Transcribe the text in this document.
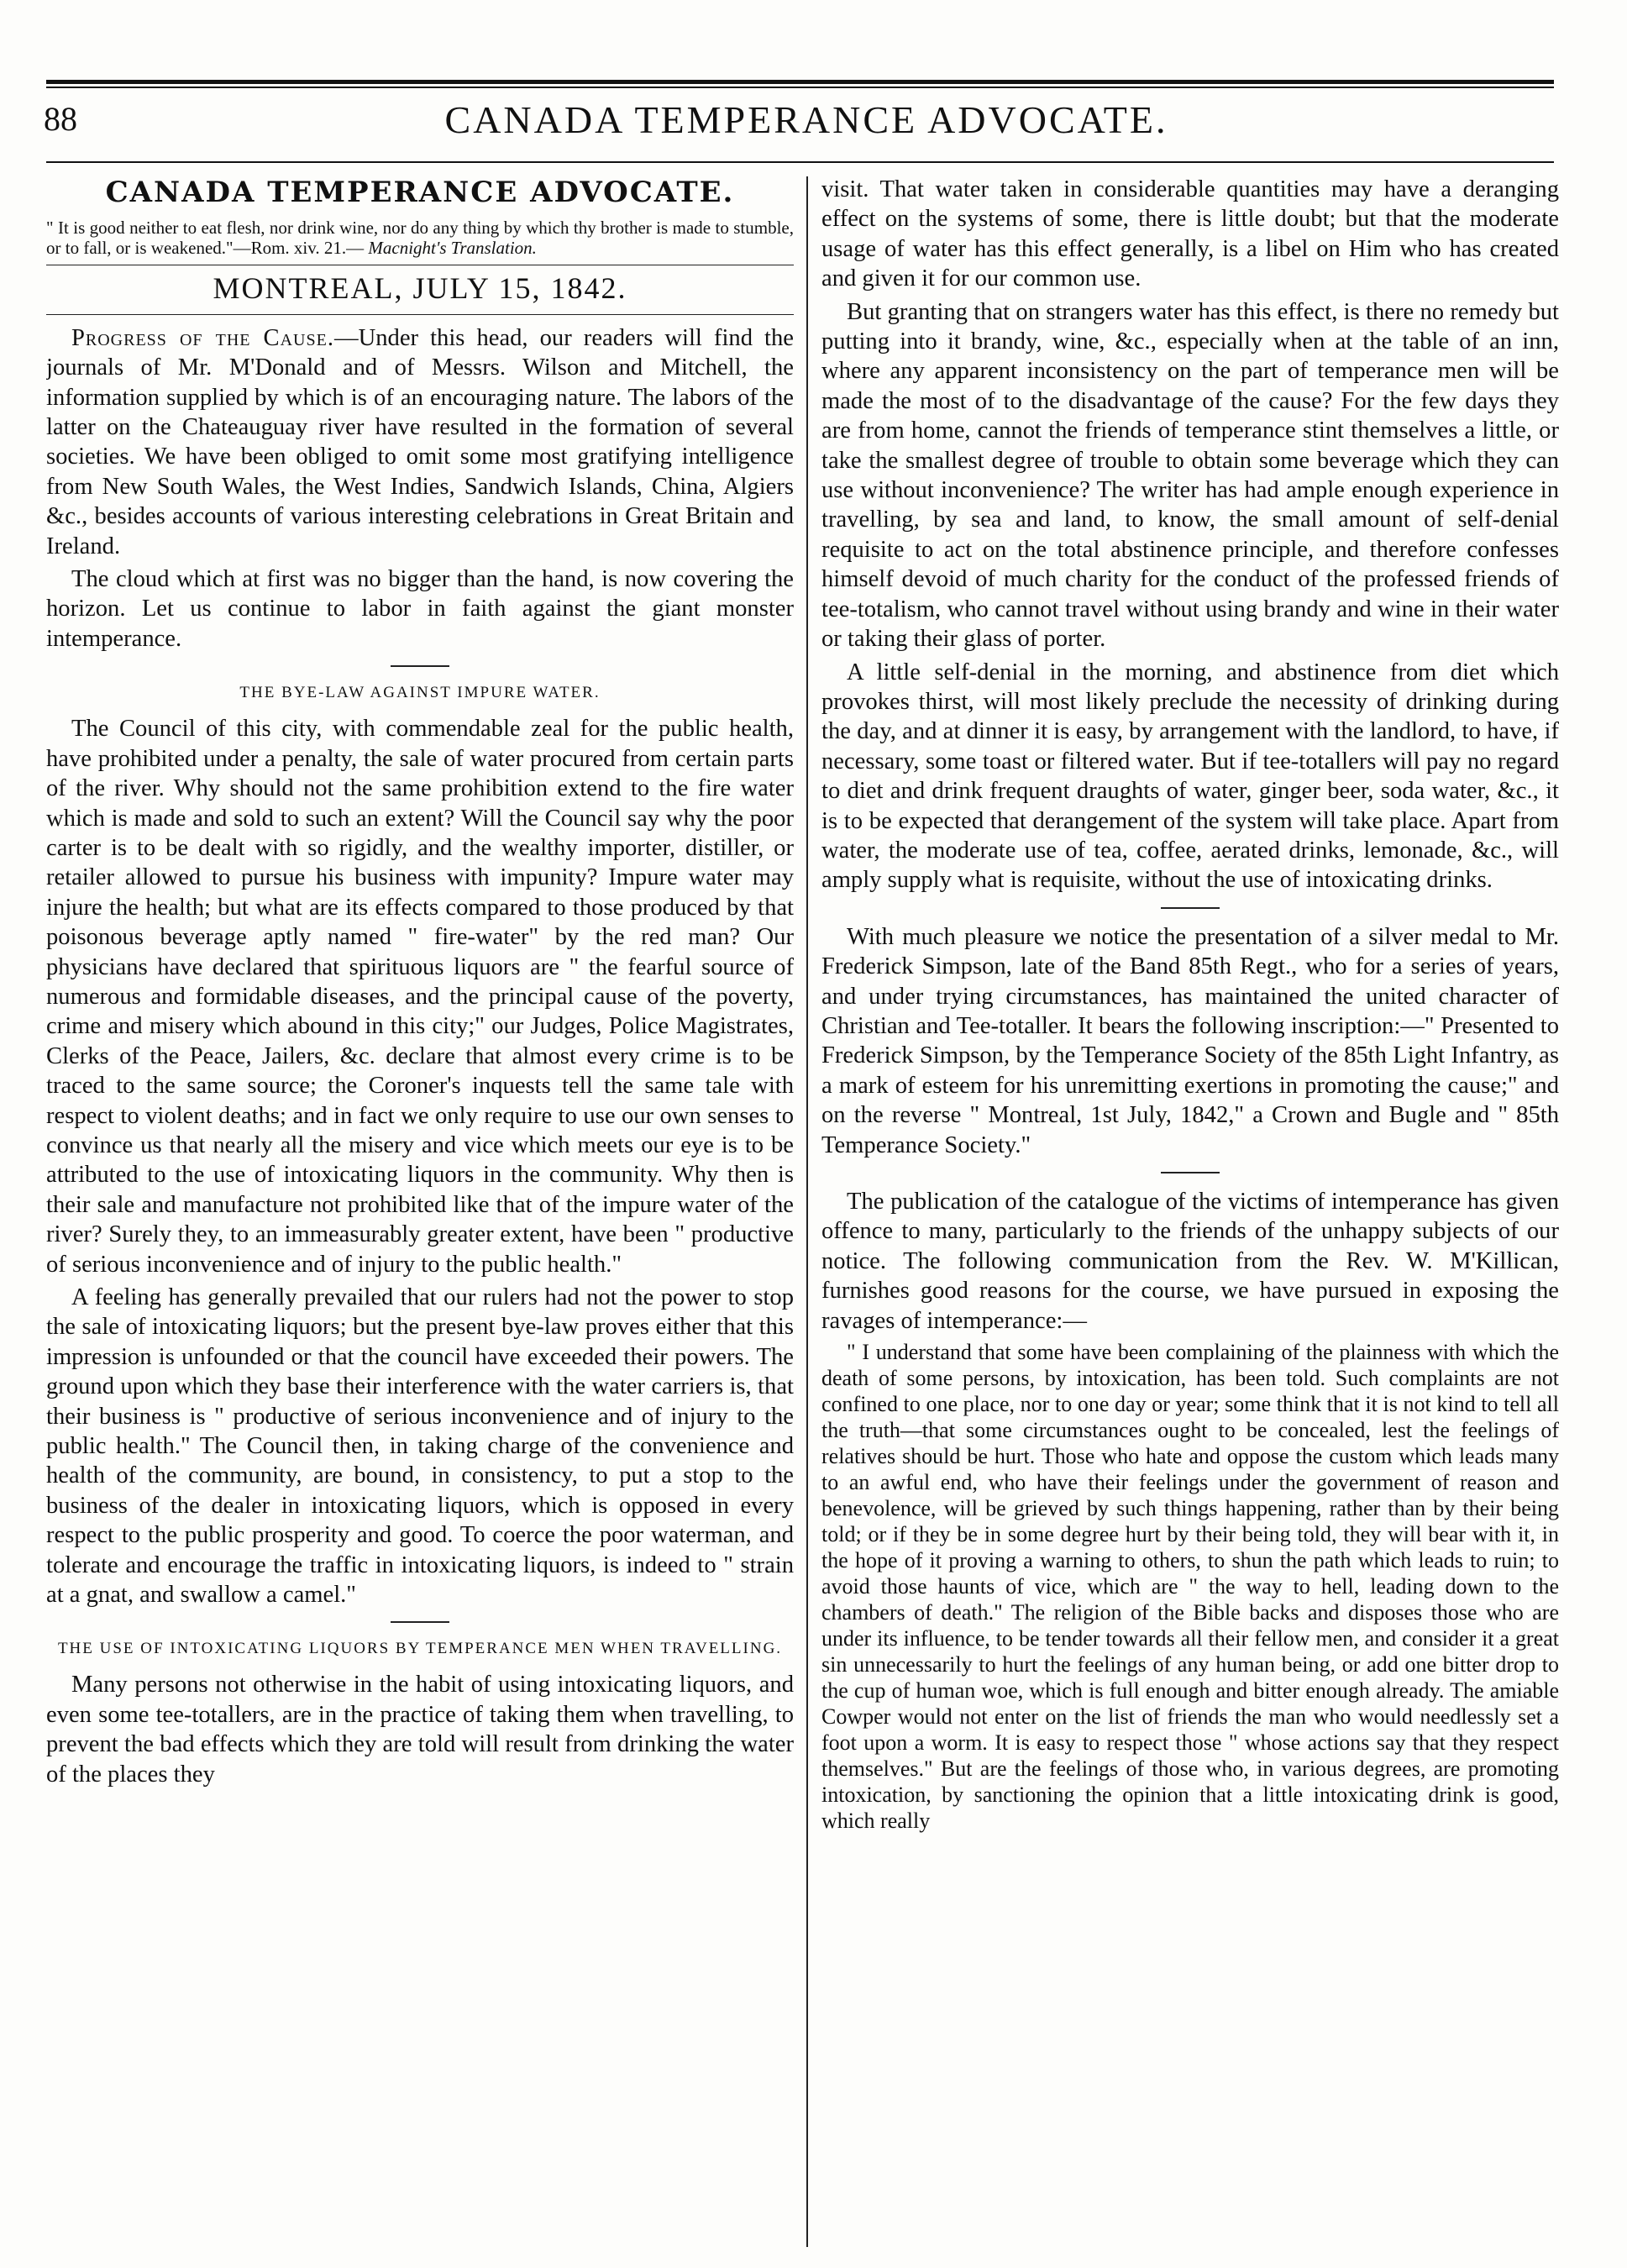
88	CANADA TEMPERANCE ADVOCATE.
CANADA TEMPERANCE ADVOCATE.
" It is good neither to eat flesh, nor drink wine, nor do any thing by which thy brother is made to stumble, or to fall, or is weakened."—Rom. xiv. 21.— Macnight's Translation.
MONTREAL, JULY 15, 1842.

Progress of the Cause.—Under this head, our readers will find the journals of Mr. M'Donald and of Messrs. Wilson and Mitchell, the information supplied by which is of an encouraging nature. The labors of the latter on the Chateauguay river have resulted in the formation of several societies. We have been obliged to omit some most gratifying intelligence from New South Wales, the West Indies, Sandwich Islands, China, Algiers &c., besides accounts of various interesting celebrations in Great Britain and Ireland.

The cloud which at first was no bigger than the hand, is now covering the horizon. Let us continue to labor in faith against the giant monster intemperance.

THE BYE-LAW AGAINST IMPURE WATER.

The Council of this city, with commendable zeal for the public health, have prohibited under a penalty, the sale of water procured from certain parts of the river. Why should not the same prohibition extend to the fire water which is made and sold to such an extent? Will the Council say why the poor carter is to be dealt with so rigidly, and the wealthy importer, distiller, or retailer allowed to pursue his business with impunity? Impure water may injure the health; but what are its effects compared to those produced by that poisonous beverage aptly named " fire-water" by the red man? Our physicians have declared that spirituous liquors are " the fearful source of numerous and formidable diseases, and the principal cause of the poverty, crime and misery which abound in this city;" our Judges, Police Magistrates, Clerks of the Peace, Jailers, &c. declare that almost every crime is to be traced to the same source; the Coroner's inquests tell the same tale with respect to violent deaths; and in fact we only require to use our own senses to convince us that nearly all the misery and vice which meets our eye is to be attributed to the use of intoxicating liquors in the community. Why then is their sale and manufacture not prohibited like that of the impure water of the river? Surely they, to an immeasurably greater extent, have been " productive of serious inconvenience and of injury to the public health."

A feeling has generally prevailed that our rulers had not the power to stop the sale of intoxicating liquors; but the present bye-law proves either that this impression is unfounded or that the council have exceeded their powers. The ground upon which they base their interference with the water carriers is, that their business is " productive of serious inconvenience and of injury to the public health." The Council then, in taking charge of the convenience and health of the community, are bound, in consistency, to put a stop to the business of the dealer in intoxicating liquors, which is opposed in every respect to the public prosperity and good. To coerce the poor waterman, and tolerate and encourage the traffic in intoxicating liquors, is indeed to " strain at a gnat, and swallow a camel."

THE USE OF INTOXICATING LIQUORS BY TEMPERANCE MEN WHEN TRAVELLING.

Many persons not otherwise in the habit of using intoxicating liquors, and even some tee-totallers, are in the practice of taking them when travelling, to prevent the bad effects which they are told will result from drinking the water of the places they

visit. That water taken in considerable quantities may have a deranging effect on the systems of some, there is little doubt; but that the moderate usage of water has this effect generally, is a libel on Him who has created and given it for our common use.

But granting that on strangers water has this effect, is there no remedy but putting into it brandy, wine, &c., especially when at the table of an inn, where any apparent inconsistency on the part of temperance men will be made the most of to the disadvantage of the cause? For the few days they are from home, cannot the friends of temperance stint themselves a little, or take the smallest degree of trouble to obtain some beverage which they can use without inconvenience? The writer has had ample enough experience in travelling, by sea and land, to know, the small amount of self-denial requisite to act on the total abstinence principle, and therefore confesses himself devoid of much charity for the conduct of the professed friends of tee-totalism, who cannot travel without using brandy and wine in their water or taking their glass of porter.

A little self-denial in the morning, and abstinence from diet which provokes thirst, will most likely preclude the necessity of drinking during the day, and at dinner it is easy, by arrangement with the landlord, to have, if necessary, some toast or filtered water. But if tee-totallers will pay no regard to diet and drink frequent draughts of water, ginger beer, soda water, &c., it is to be expected that derangement of the system will take place. Apart from water, the moderate use of tea, coffee, aerated drinks, lemonade, &c., will amply supply what is requisite, without the use of intoxicating drinks.

With much pleasure we notice the presentation of a silver medal to Mr. Frederick Simpson, late of the Band 85th Regt., who for a series of years, and under trying circumstances, has maintained the united character of Christian and Tee-totaller. It bears the following inscription:—" Presented to Frederick Simpson, by the Temperance Society of the 85th Light Infantry, as a mark of esteem for his unremitting exertions in promoting the cause;" and on the reverse " Montreal, 1st July, 1842," a Crown and Bugle and " 85th Temperance Society."

The publication of the catalogue of the victims of intemperance has given offence to many, particularly to the friends of the unhappy subjects of our notice. The following communication from the Rev. W. M'Killican, furnishes good reasons for the course, we have pursued in exposing the ravages of intemperance:—

" I understand that some have been complaining of the plainness with which the death of some persons, by intoxication, has been told. Such complaints are not confined to one place, nor to one day or year; some think that it is not kind to tell all the truth—that some circumstances ought to be concealed, lest the feelings of relatives should be hurt. Those who hate and oppose the custom which leads many to an awful end, who have their feelings under the government of reason and benevolence, will be grieved by such things happening, rather than by their being told; or if they be in some degree hurt by their being told, they will bear with it, in the hope of it proving a warning to others, to shun the path which leads to ruin; to avoid those haunts of vice, which are " the way to hell, leading down to the chambers of death." The religion of the Bible backs and disposes those who are under its influence, to be tender towards all their fellow men, and consider it a great sin unnecessarily to hurt the feelings of any human being, or add one bitter drop to the cup of human woe, which is full enough and bitter enough already. The amiable Cowper would not enter on the list of friends the man who would needlessly set a foot upon a worm. It is easy to respect those " whose actions say that they respect themselves." But are the feelings of those who, in various degrees, are promoting intoxication, by sanctioning the opinion that a little intoxicating drink is good, which really
